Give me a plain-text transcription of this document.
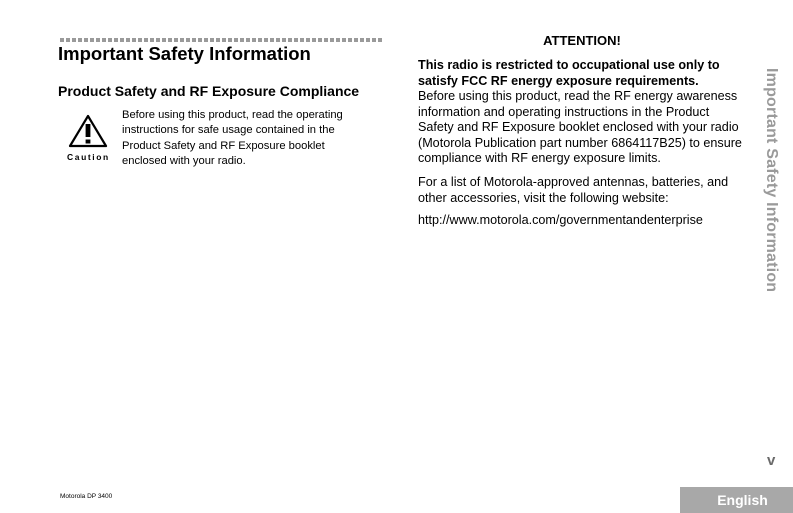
Important Safety Information
Product Safety and RF Exposure Compliance
Caution

Before using this product, read the operating instructions for safe usage contained in the Product Safety and RF Exposure booklet enclosed with your radio.

ATTENTION!

This radio is restricted to occupational use only to satisfy FCC RF energy exposure requirements.

Before using this product, read the RF energy awareness information and operating instructions in the Product Safety and RF Exposure booklet enclosed with your radio (Motorola Publication part number 6864117B25) to ensure compliance with RF energy exposure limits.

For a list of Motorola-approved antennas, batteries, and other accessories, visit the following website:

http://www.motorola.com/governmentandenterprise	Important Safety Information
v
Motorola DP 3400	English
